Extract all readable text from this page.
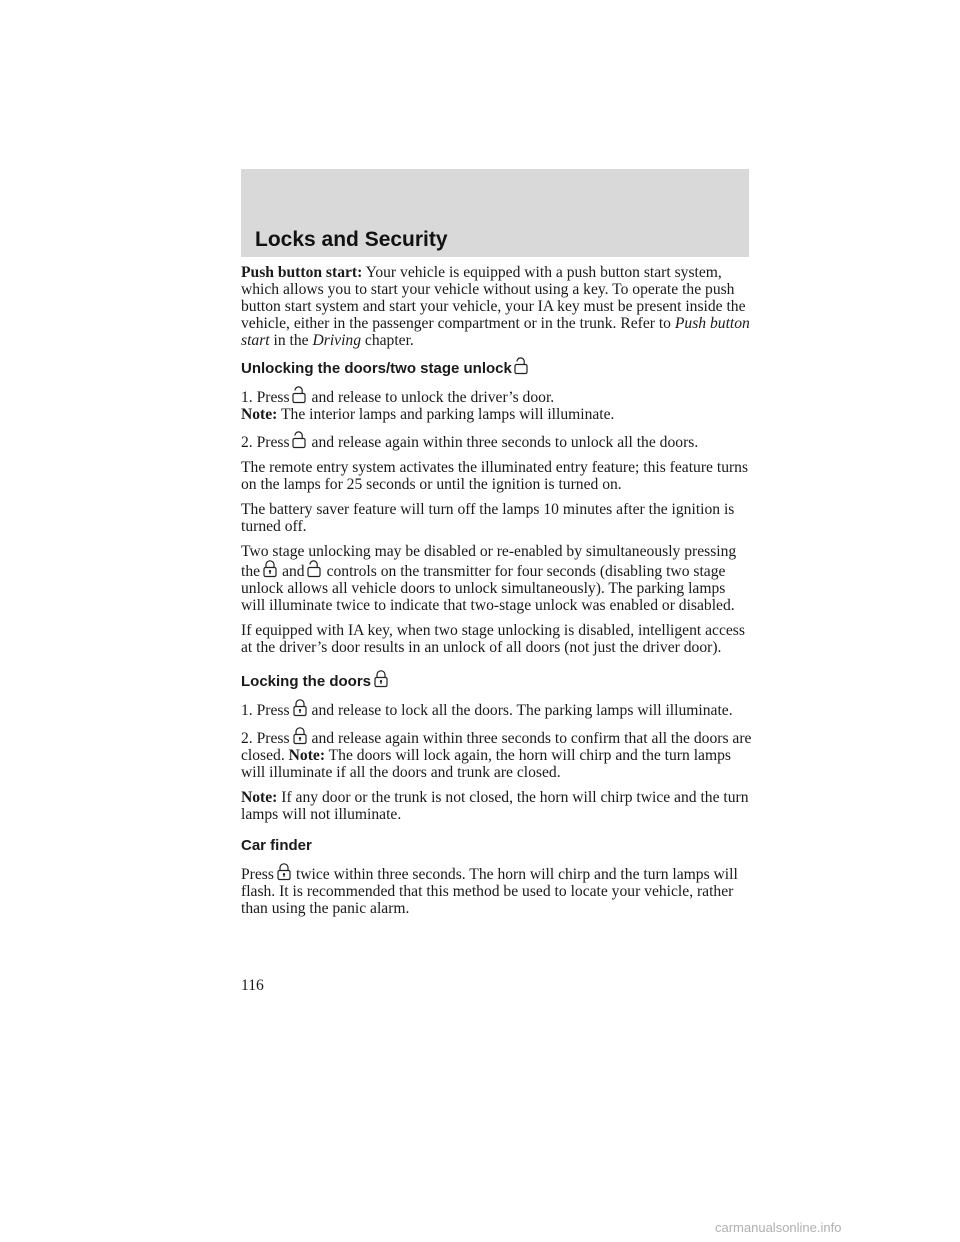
Locks and Security

Push button start: Your vehicle is equipped with a push button start system, which allows you to start your vehicle without using a key. To operate the push button start system and start your vehicle, your IA key must be present inside the vehicle, either in the passenger compartment or in the trunk. Refer to Push button start in the Driving chapter.

Unlocking the doors/two stage unlock

1. Press and release to unlock the driver’s door.
Note: The interior lamps and parking lamps will illuminate.

2. Press and release again within three seconds to unlock all the doors.

The remote entry system activates the illuminated entry feature; this feature turns on the lamps for 25 seconds or until the ignition is turned on.

The battery saver feature will turn off the lamps 10 minutes after the ignition is turned off.

Two stage unlocking may be disabled or re-enabled by simultaneously pressing the and controls on the transmitter for four seconds (disabling two stage unlock allows all vehicle doors to unlock simultaneously). The parking lamps will illuminate twice to indicate that two-stage unlock was enabled or disabled.

If equipped with IA key, when two stage unlocking is disabled, intelligent access at the driver’s door results in an unlock of all doors (not just the driver door).

Locking the doors

1. Press and release to lock all the doors. The parking lamps will illuminate.

2. Press and release again within three seconds to confirm that all the doors are closed. Note: The doors will lock again, the horn will chirp and the turn lamps will illuminate if all the doors and trunk are closed.

Note: If any door or the trunk is not closed, the horn will chirp twice and the turn lamps will not illuminate.

Car finder

Press twice within three seconds. The horn will chirp and the turn lamps will flash. It is recommended that this method be used to locate your vehicle, rather than using the panic alarm.

116

carmanualsonline.info
